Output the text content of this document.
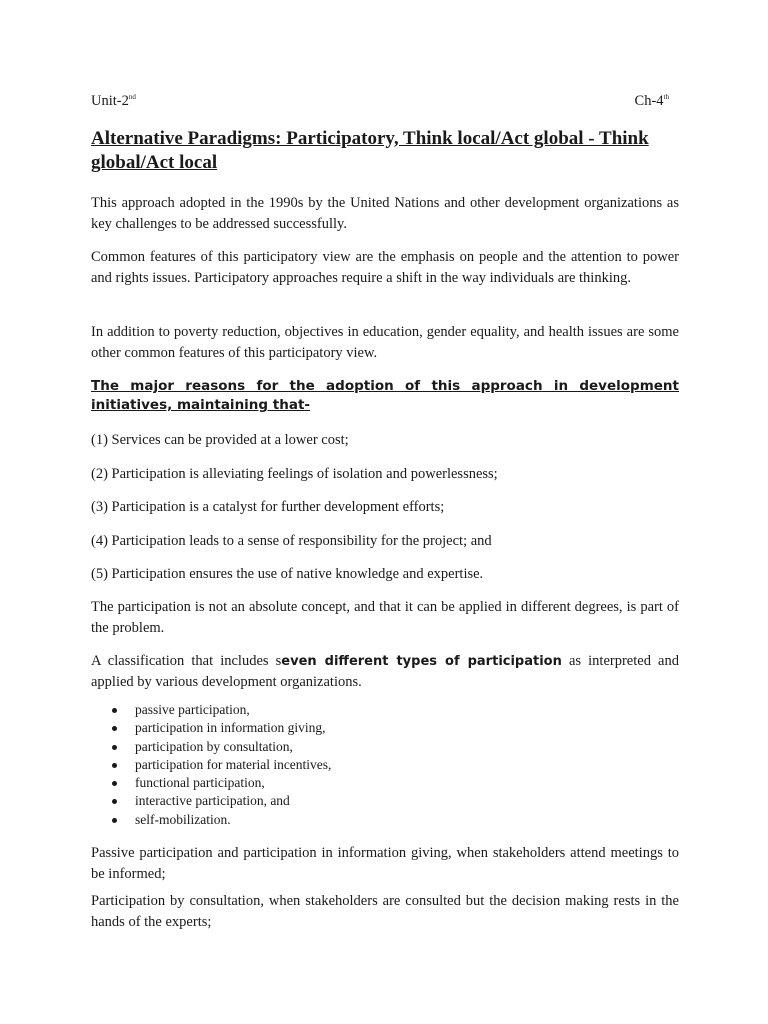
Unit-2nd	Ch-4th
Alternative Paradigms: Participatory, Think local/Act global - Think global/Act local

This approach adopted in the 1990s by the United Nations and other development organizations as key challenges to be addressed successfully.

Common features of this participatory view are the emphasis on people and the attention to power and rights issues. Participatory approaches require a shift in the way individuals are thinking.

In addition to poverty reduction, objectives in education, gender equality, and health issues are some other common features of this participatory view.

The major reasons for the adoption of this approach in development initiatives, maintaining that-

(1) Services can be provided at a lower cost;
(2) Participation is alleviating feelings of isolation and powerlessness;
(3) Participation is a catalyst for further development efforts;
(4) Participation leads to a sense of responsibility for the project; and
(5) Participation ensures the use of native knowledge and expertise.

The participation is not an absolute concept, and that it can be applied in different degrees, is part of the problem.

A classification that includes seven different types of participation as interpreted and applied by various development organizations.

passive participation,
participation in information giving,
participation by consultation,
participation for material incentives,
functional participation,
interactive participation, and
self-mobilization.

Passive participation and participation in information giving, when stakeholders attend meetings to be informed;

Participation by consultation, when stakeholders are consulted but the decision making rests in the hands of the experts;
